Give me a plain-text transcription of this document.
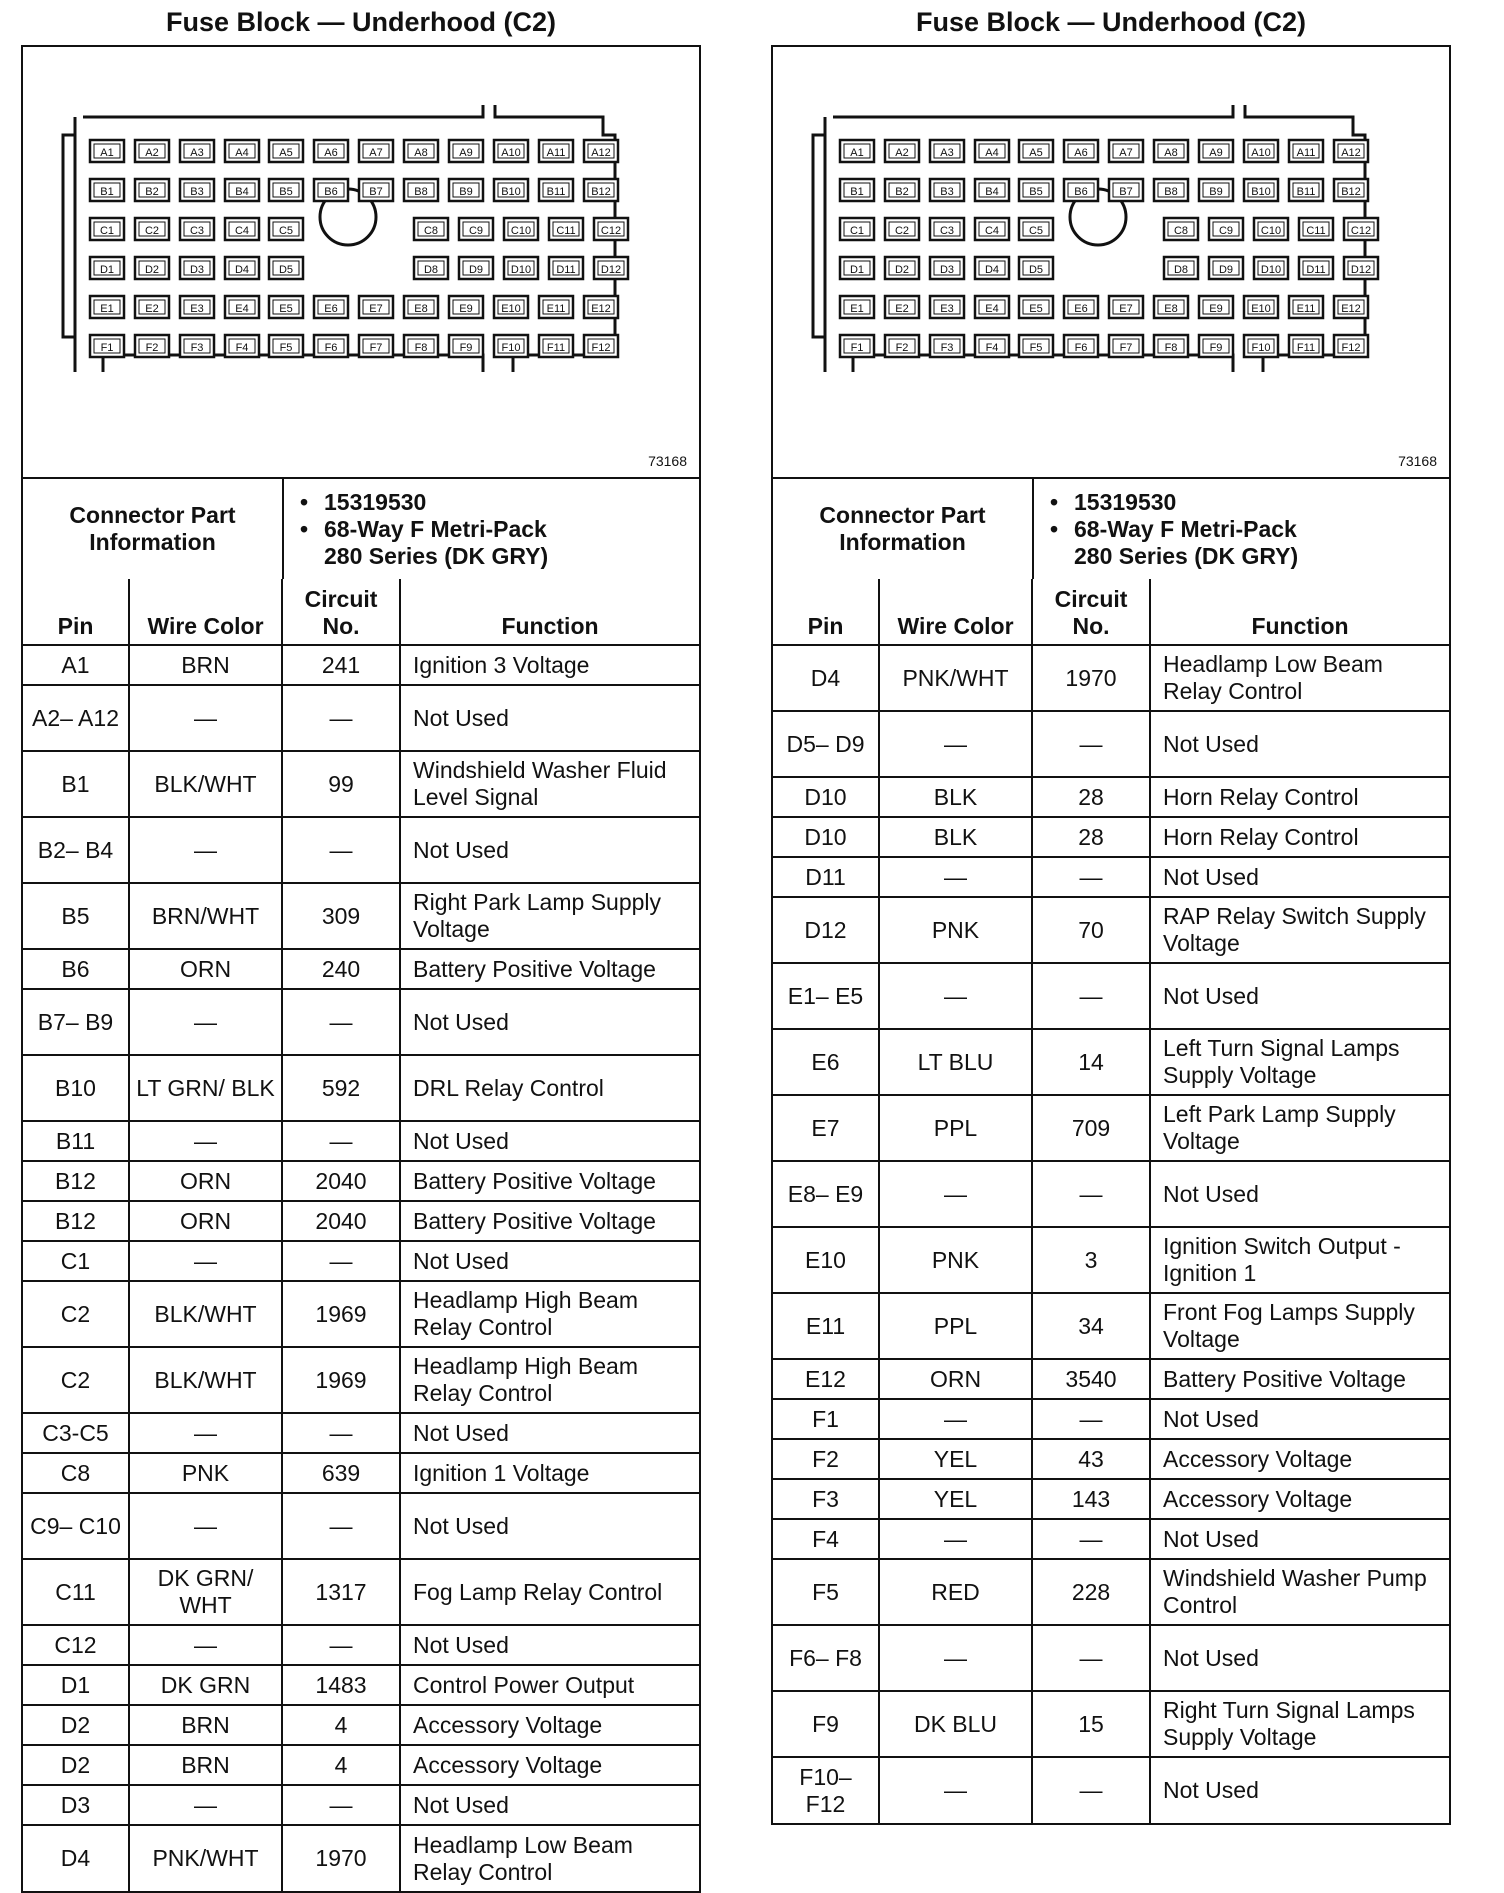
Fuse Block — Underhood (C2)
A1	A2	A3	A4	A5	A6	A7	A8	A9	A10 A11 A12
B1	B2	B3	B4	B5	B6	B7	B8	B9	B10 B11 B12
C1	C2	C3	C4	C5	C8	C9	C10 C11 C12
D1	D2	D3	D4	D5	D8	D9	D10 D11 D12
E1	E2	E3	E4	E5	E6	E7	E8	E9	E10 E11 E12
F1	F2	F3	F4	F5	F6	F7	F8	F9	F10 F11 F12
73168
Connector Part Information	
• 15319530
• 68-Way F Metri-Pack
280 Series (DK GRY)
Pin	Wire Color	Circuit No.	Function
A1	BRN	241	Ignition 3 Voltage
A2– A12	—	—	Not Used
B1	BLK/WHT	99	Windshield Washer Fluid Level Signal
B2– B4	—	—	Not Used
B5	BRN/WHT	309	Right Park Lamp Supply Voltage
B6	ORN	240	Battery Positive Voltage
B7– B9	—	—	Not Used
B10	LT GRN/ BLK	592	DRL Relay Control
B11	—	—	Not Used
B12	ORN	2040	Battery Positive Voltage
B12	ORN	2040	Battery Positive Voltage
C1	—	—	Not Used
C2	BLK/WHT	1969	Headlamp High Beam Relay Control
C2	BLK/WHT	1969	Headlamp High Beam Relay Control
C3-C5	—	—	Not Used
C8	PNK	639	Ignition 1 Voltage
C9– C10	—	—	Not Used
C11	DK GRN/ WHT	1317	Fog Lamp Relay Control
C12	—	—	Not Used
D1	DK GRN	1483	Control Power Output
D2	BRN	4	Accessory Voltage
D2	BRN	4	Accessory Voltage
D3	—	—	Not Used
D4	PNK/WHT	1970	Headlamp Low Beam Relay Control
Fuse Block — Underhood (C2)
A1	A2	A3	A4	A5	A6	A7	A8	A9	A10 A11 A12
B1	B2	B3	B4	B5	B6	B7	B8	B9	B10 B11 B12
C1	C2	C3	C4	C5	C8	C9	C10 C11 C12
D1	D2	D3	D4	D5	D8	D9	D10 D11 D12
E1	E2	E3	E4	E5	E6	E7	E8	E9	E10 E11 E12
F1	F2	F3	F4	F5	F6	F7	F8	F9	F10 F11 F12
73168
Connector Part Information	
• 15319530
• 68-Way F Metri-Pack
280 Series (DK GRY)
Pin	Wire Color	Circuit No.	Function
D4	PNK/WHT	1970	Headlamp Low Beam Relay Control
D5– D9	—	—	Not Used
D10	BLK	28	Horn Relay Control
D10	BLK	28	Horn Relay Control
D11	—	—	Not Used
D12	PNK	70	RAP Relay Switch Supply Voltage
E1– E5	—	—	Not Used
E6	LT BLU	14	Left Turn Signal Lamps Supply Voltage
E7	PPL	709	Left Park Lamp Supply Voltage
E8– E9	—	—	Not Used
E10	PNK	3	Ignition Switch Output - Ignition 1
E11	PPL	34	Front Fog Lamps Supply Voltage
E12	ORN	3540	Battery Positive Voltage
F1	—	—	Not Used
F2	YEL	43	Accessory Voltage
F3	YEL	143	Accessory Voltage
F4	—	—	Not Used
F5	RED	228	Windshield Washer Pump Control
F6– F8	—	—	Not Used
F9	DK BLU	15	Right Turn Signal Lamps Supply Voltage
F10– F12	—	—	Not Used
